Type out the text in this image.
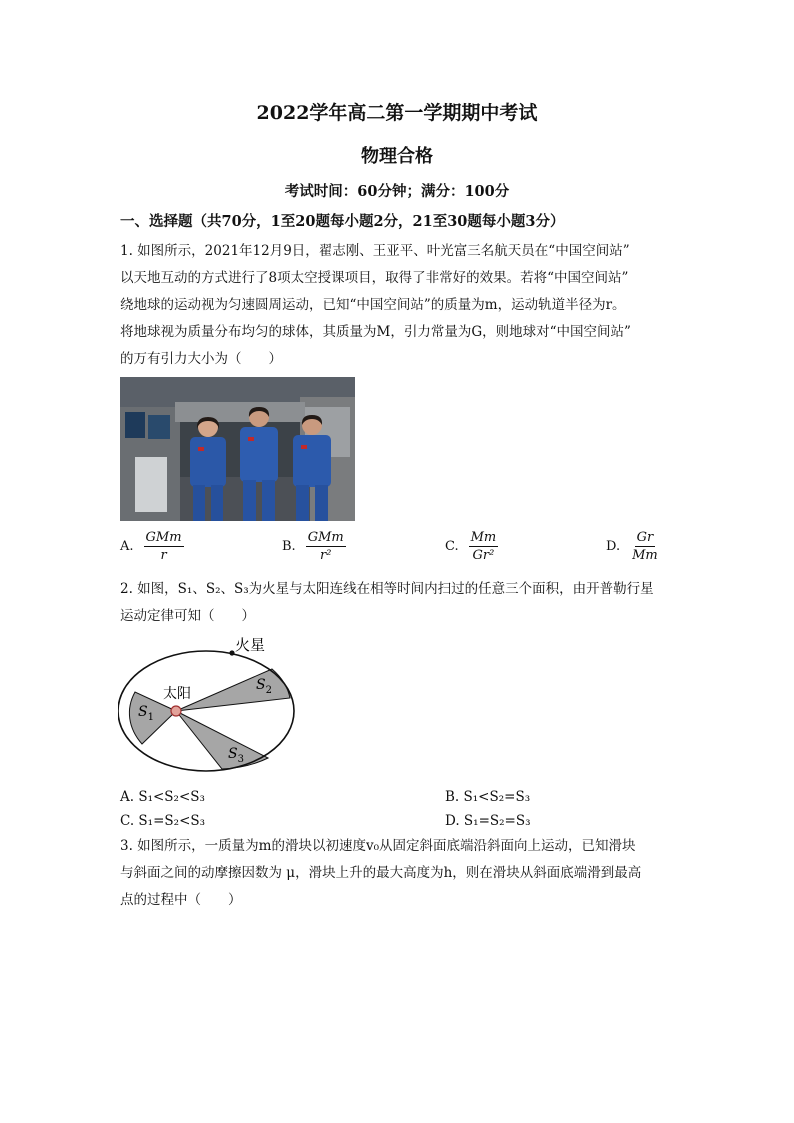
2022学年高二第一学期期中考试
物理合格
考试时间：60分钟；满分：100分
一、选择题（共70分，1至20题每小题2分，21至30题每小题3分）
1. 如图所示，2021年12月9日，翟志刚、王亚平、叶光富三名航天员在“中国空间站”
以天地互动的方式进行了8项太空授课项目，取得了非常好的效果。若将“中国空间站”
绕地球的运动视为匀速圆周运动，已知“中国空间站”的质量为m，运动轨道半径为r。
将地球视为质量分布均匀的球体，其质量为M，引力常量为G，则地球对“中国空间站”
的万有引力大小为（　　）
A. $\frac{\text{GMm}}{r}$	B. $\frac{\text{GMm}}{\text{r²}}$	C. $\frac{Mm}{\text{Gr²}}$	D. $\frac{Gr}{Mm}$
2. 如图，S₁、S₂、S₃为火星与太阳连线在相等时间内扫过的任意三个面积，由开普勒行星
运动定律可知（　　）
火星
太阳
$S_1$
$S_2$
$S_3$
A. S₁<S₂<S₃	B. S₁<S₂=S₃
C. S₁=S₂<S₃	D. S₁=S₂=S₃
3. 如图所示，一质量为m的滑块以初速度v₀从固定斜面底端沿斜面向上运动，已知滑块
与斜面之间的动摩擦因数为 μ，滑块上升的最大高度为h，则在滑块从斜面底端滑到最高
点的过程中（　　）
